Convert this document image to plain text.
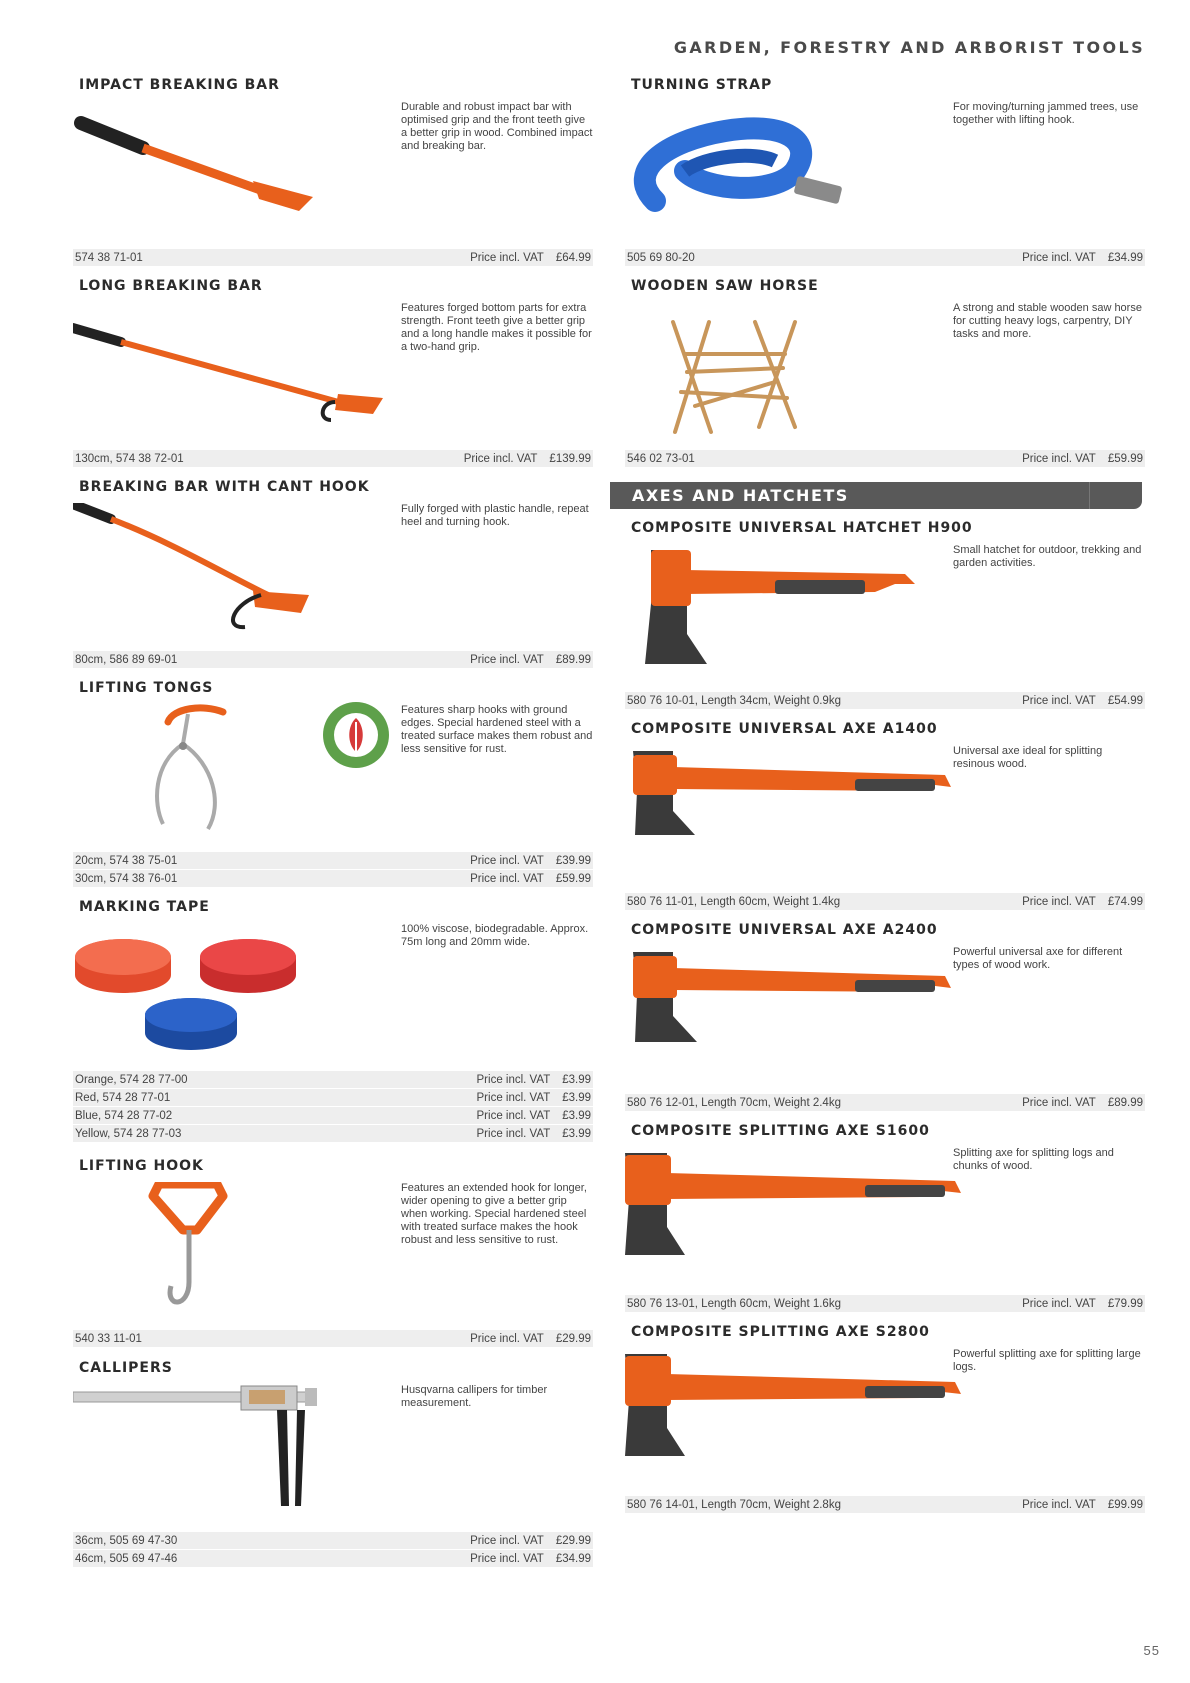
GARDEN, FORESTRY AND ARBORIST TOOLS
IMPACT BREAKING BAR
Durable and robust impact bar with optimised grip and the front teeth give a better grip in wood. Combined impact and breaking bar.
574 38 71-01	Price incl. VAT £64.99
LONG BREAKING BAR
Features forged bottom parts for extra strength. Front teeth give a better grip and a long handle makes it possible for a two-hand grip.
130cm, 574 38 72-01	Price incl. VAT £139.99
BREAKING BAR WITH CANT HOOK
Fully forged with plastic handle, repeat heel and turning hook.
80cm, 586 89 69-01	Price incl. VAT £89.99
LIFTING TONGS
Features sharp hooks with ground edges. Special hardened steel with a treated surface makes them robust and less sensitive for rust.
20cm, 574 38 75-01	Price incl. VAT £39.99
30cm, 574 38 76-01	Price incl. VAT £59.99
MARKING TAPE
100% viscose, biodegradable. Approx. 75m long and 20mm wide.
Orange, 574 28 77-00	Price incl. VAT £3.99
Red, 574 28 77-01	Price incl. VAT £3.99
Blue, 574 28 77-02	Price incl. VAT £3.99
Yellow, 574 28 77-03	Price incl. VAT £3.99
LIFTING HOOK
Features an extended hook for longer, wider opening to give a better grip when working. Special hardened steel with treated surface makes the hook robust and less sensitive to rust.
540 33 11-01	Price incl. VAT £29.99
CALLIPERS
Husqvarna callipers for timber measurement.
36cm, 505 69 47-30	Price incl. VAT £29.99
46cm, 505 69 47-46	Price incl. VAT £34.99
TURNING STRAP
For moving/turning jammed trees, use together with lifting hook.
505 69 80-20	Price incl. VAT £34.99
WOODEN SAW HORSE
A strong and stable wooden saw horse for cutting heavy logs, carpentry, DIY tasks and more.
546 02 73-01	Price incl. VAT £59.99
AXES AND HATCHETS
COMPOSITE UNIVERSAL HATCHET H900
Small hatchet for outdoor, trekking and garden activities.
580 76 10-01, Length 34cm, Weight 0.9kg	Price incl. VAT £54.99
COMPOSITE UNIVERSAL AXE A1400
Universal axe ideal for splitting resinous wood.
580 76 11-01, Length 60cm, Weight 1.4kg	Price incl. VAT £74.99
COMPOSITE UNIVERSAL AXE A2400
Powerful universal axe for different types of wood work.
580 76 12-01, Length 70cm, Weight 2.4kg	Price incl. VAT £89.99
COMPOSITE SPLITTING AXE S1600
Splitting axe for splitting logs and chunks of wood.
580 76 13-01, Length 60cm, Weight 1.6kg	Price incl. VAT £79.99
COMPOSITE SPLITTING AXE S2800
Powerful splitting axe for splitting large logs.
580 76 14-01, Length 70cm, Weight 2.8kg	Price incl. VAT £99.99
55
